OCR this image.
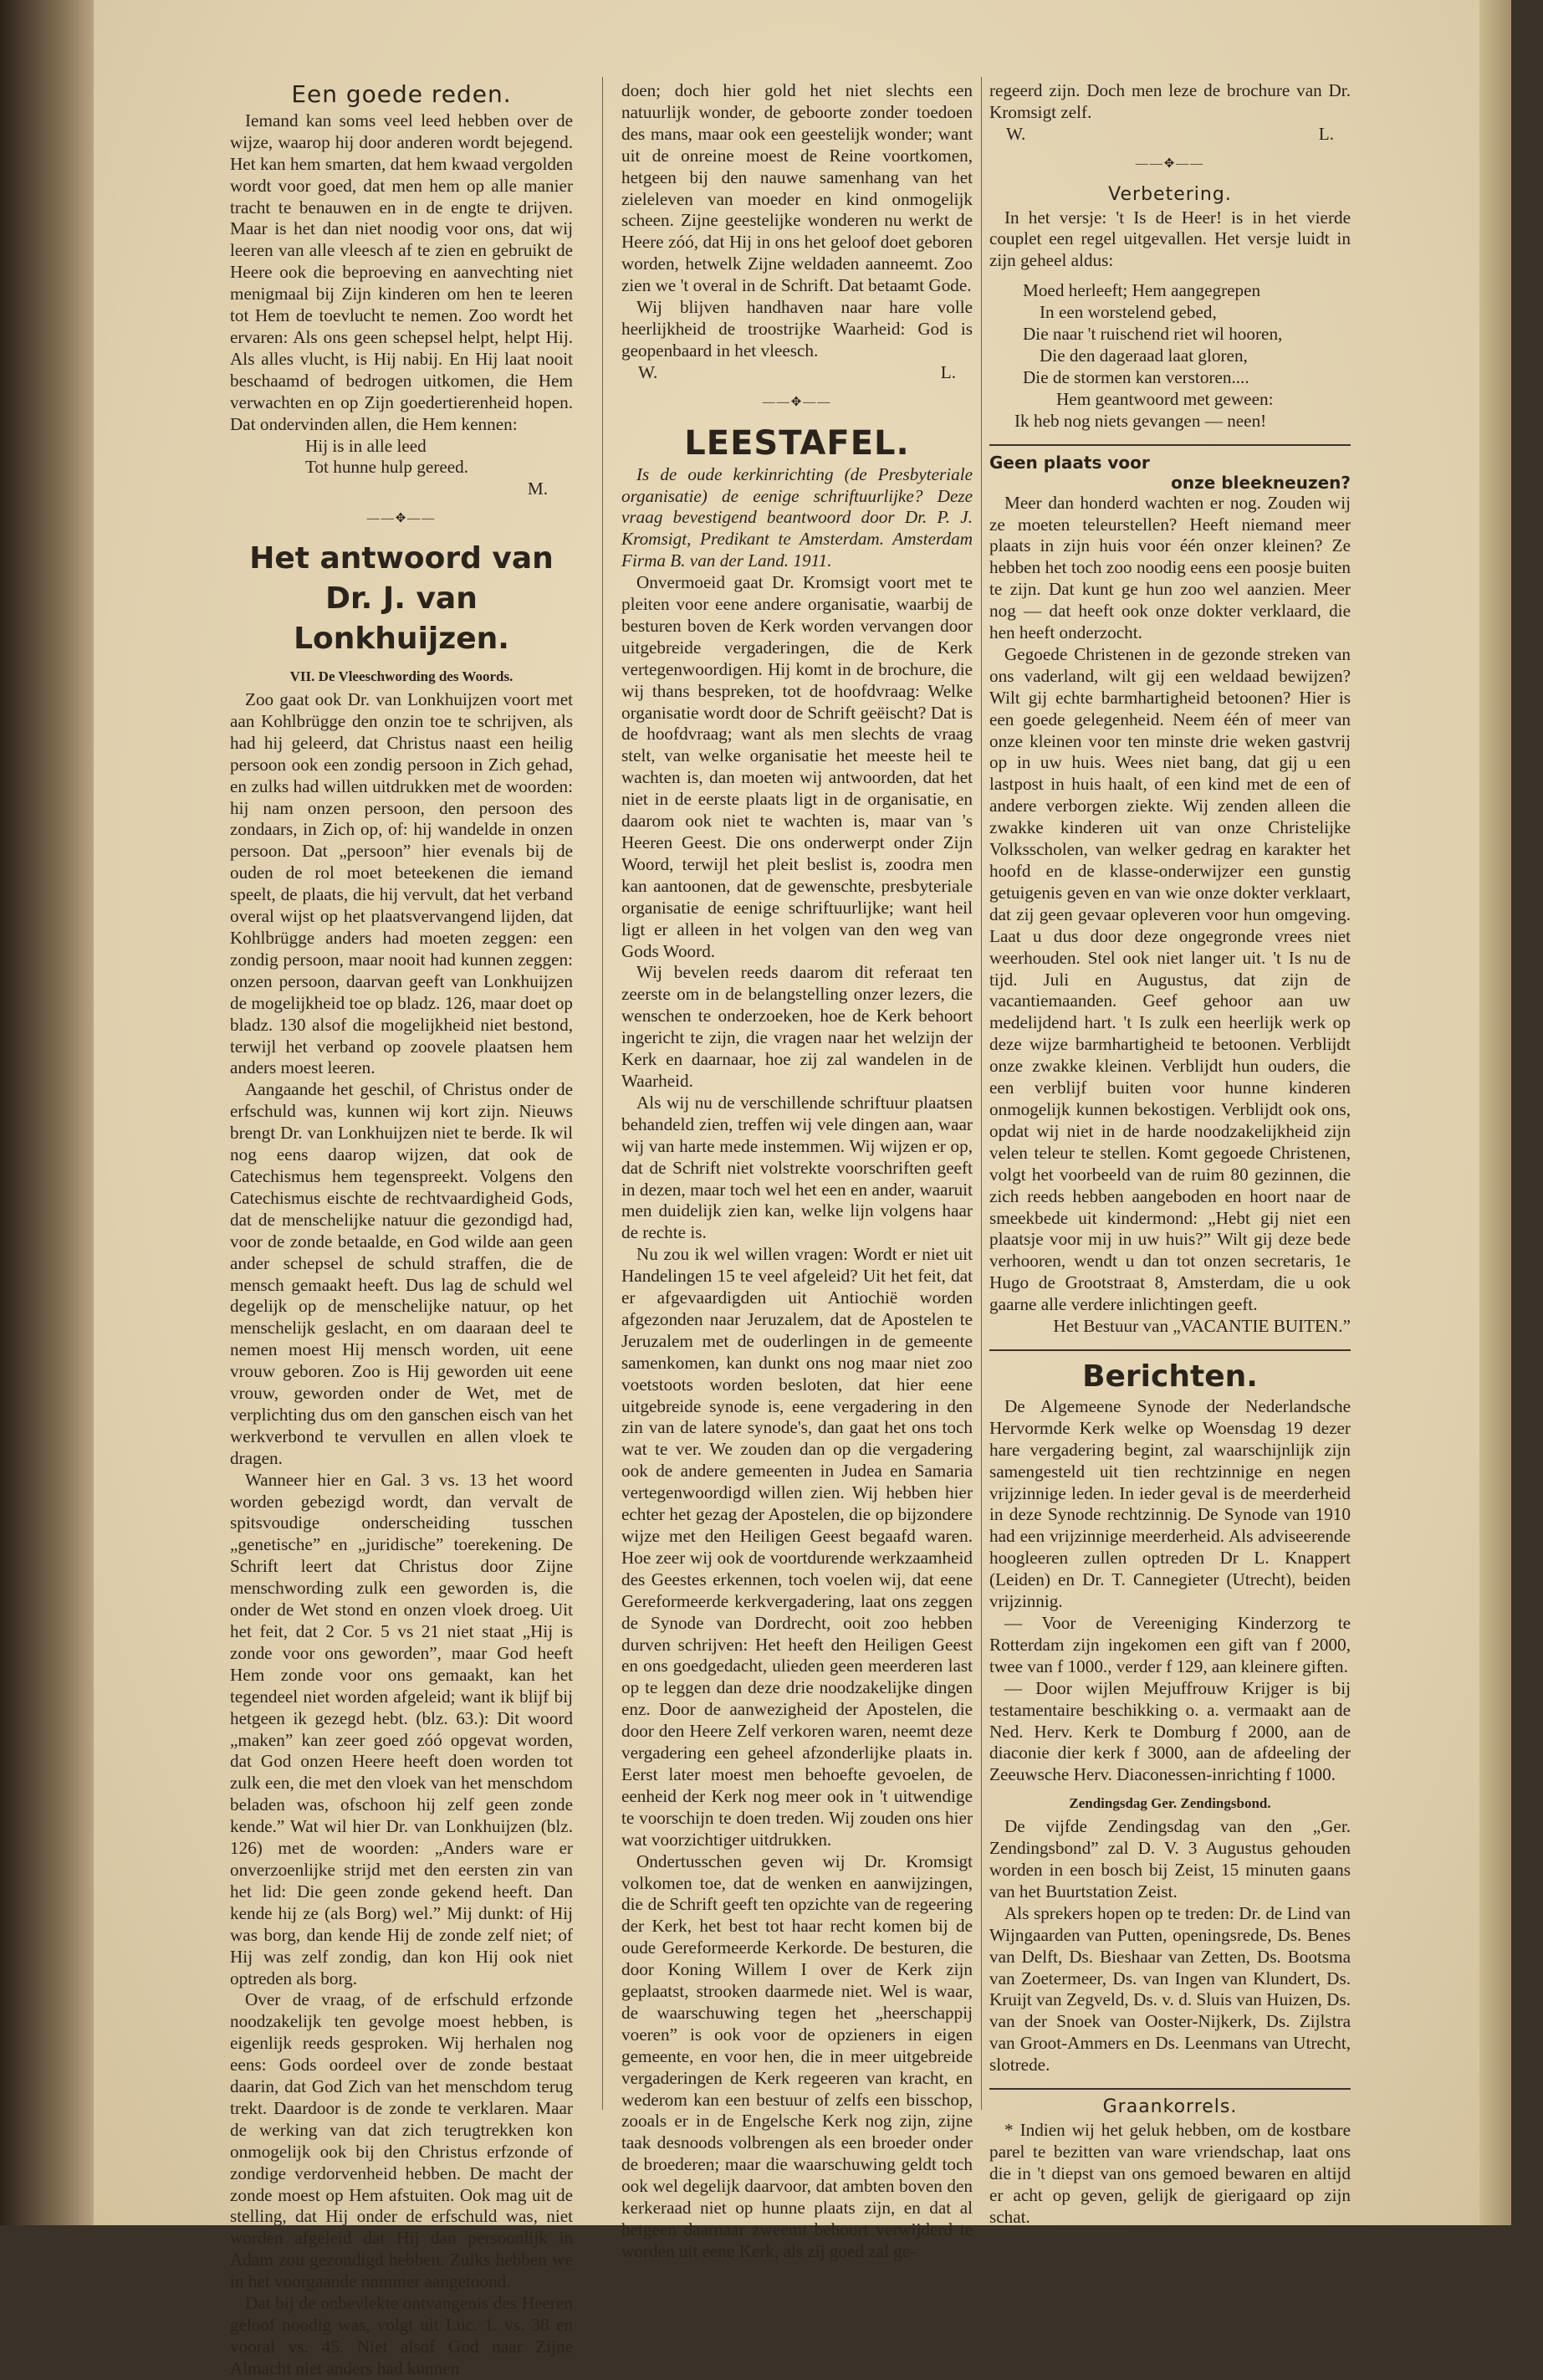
Een goede reden.

Iemand kan soms veel leed hebben over de wijze, waarop hij door anderen wordt bejegend. Het kan hem smarten, dat hem kwaad vergolden wordt voor goed, dat men hem op alle manier tracht te benauwen en in de engte te drijven. Maar is het dan niet noodig voor ons, dat wij leeren van alle vleesch af te zien en gebruikt de Heere ook die beproeving en aanvechting niet menigmaal bij Zijn kinderen om hen te leeren tot Hem de toevlucht te nemen. Zoo wordt het ervaren: Als ons geen schepsel helpt, helpt Hij. Als alles vlucht, is Hij nabij. En Hij laat nooit beschaamd of bedrogen uitkomen, die Hem verwachten en op Zijn goedertierenheid hopen. Dat ondervinden allen, die Hem kennen:

Hij is in alle leed

Tot hunne hulp gereed.

M.

——✥——
Het antwoord van Dr. J. van Lonkhuijzen.
VII. De Vleeschwording des Woords.

Zoo gaat ook Dr. van Lonkhuijzen voort met aan Kohlbrügge den onzin toe te schrijven, als had hij geleerd, dat Christus naast een heilig persoon ook een zondig persoon in Zich gehad, en zulks had willen uitdrukken met de woorden: hij nam onzen persoon, den persoon des zondaars, in Zich op, of: hij wandelde in onzen persoon. Dat „persoon” hier evenals bij de ouden de rol moet beteekenen die iemand speelt, de plaats, die hij vervult, dat het verband overal wijst op het plaatsvervangend lijden, dat Kohlbrügge anders had moeten zeggen: een zondig persoon, maar nooit had kunnen zeggen: onzen persoon, daarvan geeft van Lonkhuijzen de mogelijkheid toe op bladz. 126, maar doet op bladz. 130 alsof die mogelijkheid niet bestond, terwijl het verband op zoovele plaatsen hem anders moest leeren.

Aangaande het geschil, of Christus onder de erfschuld was, kunnen wij kort zijn. Nieuws brengt Dr. van Lonkhuijzen niet te berde. Ik wil nog eens daarop wijzen, dat ook de Catechismus hem tegenspreekt. Volgens den Catechismus eischte de rechtvaardigheid Gods, dat de menschelijke natuur die gezondigd had, voor de zonde betaalde, en God wilde aan geen ander schepsel de schuld straffen, die de mensch gemaakt heeft. Dus lag de schuld wel degelijk op de menschelijke natuur, op het menschelijk geslacht, en om daaraan deel te nemen moest Hij mensch worden, uit eene vrouw geboren. Zoo is Hij geworden uit eene vrouw, geworden onder de Wet, met de verplichting dus om den ganschen eisch van het werkverbond te vervullen en allen vloek te dragen.

Wanneer hier en Gal. 3 vs. 13 het woord worden gebezigd wordt, dan vervalt de spitsvoudige onderscheiding tusschen „genetische” en „juridische” toerekening. De Schrift leert dat Christus door Zijne menschwording zulk een geworden is, die onder de Wet stond en onzen vloek droeg. Uit het feit, dat 2 Cor. 5 vs 21 niet staat „Hij is zonde voor ons geworden”, maar God heeft Hem zonde voor ons gemaakt, kan het tegendeel niet worden afgeleid; want ik blijf bij hetgeen ik gezegd hebt. (blz. 63.): Dit woord „maken” kan zeer goed zóó opgevat worden, dat God onzen Heere heeft doen worden tot zulk een, die met den vloek van het menschdom beladen was, ofschoon hij zelf geen zonde kende.” Wat wil hier Dr. van Lonkhuijzen (blz. 126) met de woorden: „Anders ware er onverzoenlijke strijd met den eersten zin van het lid: Die geen zonde gekend heeft. Dan kende hij ze (als Borg) wel.” Mij dunkt: of Hij was borg, dan kende Hij de zonde zelf niet; of Hij was zelf zondig, dan kon Hij ook niet optreden als borg.

Over de vraag, of de erfschuld erfzonde noodzakelijk ten gevolge moest hebben, is eigenlijk reeds gesproken. Wij herhalen nog eens: Gods oordeel over de zonde bestaat daarin, dat God Zich van het menschdom terug trekt. Daardoor is de zonde te verklaren. Maar de werking van dat zich terugtrekken kon onmogelijk ook bij den Christus erfzonde of zondige verdorvenheid hebben. De macht der zonde moest op Hem afstuiten. Ook mag uit de stelling, dat Hij onder de erfschuld was, niet worden afgeleid dat Hij dan persoonlijk in Adam zou gezondigd hebben. Zulks hebben we in het voorgaande nnmmer aangetoond.

Dat bij de onbevlekte ontvangenis des Heeren geloof noodig was, volgt uit Luc. 1. vs. 38 en vooral vs. 45. Niet alsof God naar Zijne Almacht niet anders had kunnen

doen; doch hier gold het niet slechts een natuurlijk wonder, de geboorte zonder toedoen des mans, maar ook een geestelijk wonder; want uit de onreine moest de Reine voortkomen, hetgeen bij den nauwe samenhang van het zieleleven van moeder en kind onmogelijk scheen. Zijne geestelijke wonderen nu werkt de Heere zóó, dat Hij in ons het geloof doet geboren worden, hetwelk Zijne weldaden aanneemt. Zoo zien we 't overal in de Schrift. Dat betaamt Gode.

Wij blijven handhaven naar hare volle heerlijkheid de troostrijke Waarheid: God is geopenbaard in het vleesch.

W.	L.
——✥——
LEESTAFEL.

Is de oude kerkinrichting (de Presbyteriale organisatie) de eenige schriftuurlijke? Deze vraag bevestigend beantwoord door Dr. P. J. Kromsigt, Predikant te Amsterdam. Amsterdam Firma B. van der Land. 1911.

Onvermoeid gaat Dr. Kromsigt voort met te pleiten voor eene andere organisatie, waarbij de besturen boven de Kerk worden vervangen door uitgebreide vergaderingen, die de Kerk vertegenwoordigen. Hij komt in de brochure, die wij thans bespreken, tot de hoofdvraag: Welke organisatie wordt door de Schrift geëischt? Dat is de hoofdvraag; want als men slechts de vraag stelt, van welke organisatie het meeste heil te wachten is, dan moeten wij antwoorden, dat het niet in de eerste plaats ligt in de organisatie, en daarom ook niet te wachten is, maar van 's Heeren Geest. Die ons onderwerpt onder Zijn Woord, terwijl het pleit beslist is, zoodra men kan aantoonen, dat de gewenschte, presbyteriale organisatie de eenige schriftuurlijke; want heil ligt er alleen in het volgen van den weg van Gods Woord.

Wij bevelen reeds daarom dit referaat ten zeerste om in de belangstelling onzer lezers, die wenschen te onderzoeken, hoe de Kerk behoort ingericht te zijn, die vragen naar het welzijn der Kerk en daarnaar, hoe zij zal wandelen in de Waarheid.

Als wij nu de verschillende schriftuur plaatsen behandeld zien, treffen wij vele dingen aan, waar wij van harte mede instemmen. Wij wijzen er op, dat de Schrift niet volstrekte voorschriften geeft in dezen, maar toch wel het een en ander, waaruit men duidelijk zien kan, welke lijn volgens haar de rechte is.

Nu zou ik wel willen vragen: Wordt er niet uit Handelingen 15 te veel afgeleid? Uit het feit, dat er afgevaardigden uit Antiochië worden afgezonden naar Jeruzalem, dat de Apostelen te Jeruzalem met de ouderlingen in de gemeente samenkomen, kan dunkt ons nog maar niet zoo voetstoots worden besloten, dat hier eene uitgebreide synode is, eene vergadering in den zin van de latere synode's, dan gaat het ons toch wat te ver. We zouden dan op die vergadering ook de andere gemeenten in Judea en Samaria vertegenwoordigd willen zien. Wij hebben hier echter het gezag der Apostelen, die op bijzondere wijze met den Heiligen Geest begaafd waren. Hoe zeer wij ook de voortdurende werkzaamheid des Geestes erkennen, toch voelen wij, dat eene Gereformeerde kerkvergadering, laat ons zeggen de Synode van Dordrecht, ooit zoo hebben durven schrijven: Het heeft den Heiligen Geest en ons goedgedacht, ulieden geen meerderen last op te leggen dan deze drie noodzakelijke dingen enz. Door de aanwezigheid der Apostelen, die door den Heere Zelf verkoren waren, neemt deze vergadering een geheel afzonderlijke plaats in. Eerst later moest men behoefte gevoelen, de eenheid der Kerk nog meer ook in 't uitwendige te voorschijn te doen treden. Wij zouden ons hier wat voorzichtiger uitdrukken.

Ondertusschen geven wij Dr. Kromsigt volkomen toe, dat de wenken en aanwijzingen, die de Schrift geeft ten opzichte van de regeering der Kerk, het best tot haar recht komen bij de oude Gereformeerde Kerkorde. De besturen, die door Koning Willem I over de Kerk zijn geplaatst, strooken daarmede niet. Wel is waar, de waarschuwing tegen het „heerschappij voeren” is ook voor de opzieners in eigen gemeente, en voor hen, die in meer uitgebreide vergaderingen de Kerk regeeren van kracht, en wederom kan een bestuur of zelfs een bisschop, zooals er in de Engelsche Kerk nog zijn, zijne taak desnoods volbrengen als een broeder onder de broederen; maar die waarschuwing geldt toch ook wel degelijk daarvoor, dat ambten boven den kerkeraad niet op hunne plaats zijn, en dat al hetgeen daarnaar zweemt behoort verwijderd te worden uit eene Kerk, als zij goed zal ge-

regeerd zijn. Doch men leze de brochure van Dr. Kromsigt zelf.

W.	L.
——✥——
Verbetering.

In het versje: 't Is de Heer! is in het vierde couplet een regel uitgevallen. Het versje luidt in zijn geheel aldus:

Moed herleeft; Hem aangegrepen

In een worstelend gebed,

Die naar 't ruischend riet wil hooren,

Die den dageraad laat gloren,

Die de stormen kan verstoren....

Hem geantwoord met geween:

Ik heb nog niets gevangen — neen!

Geen plaats voor
onze bleekneuzen?

Meer dan honderd wachten er nog. Zouden wij ze moeten teleurstellen? Heeft niemand meer plaats in zijn huis voor één onzer kleinen? Ze hebben het toch zoo noodig eens een poosje buiten te zijn. Dat kunt ge hun zoo wel aanzien. Meer nog — dat heeft ook onze dokter verklaard, die hen heeft onderzocht.

Gegoede Christenen in de gezonde streken van ons vaderland, wilt gij een weldaad bewijzen? Wilt gij echte barmhartigheid betoonen? Hier is een goede gelegenheid. Neem één of meer van onze kleinen voor ten minste drie weken gastvrij op in uw huis. Wees niet bang, dat gij u een lastpost in huis haalt, of een kind met de een of andere verborgen ziekte. Wij zenden alleen die zwakke kinderen uit van onze Christelijke Volksscholen, van welker gedrag en karakter het hoofd en de klasse-onderwijzer een gunstig getuigenis geven en van wie onze dokter verklaart, dat zij geen gevaar opleveren voor hun omgeving. Laat u dus door deze ongegronde vrees niet weerhouden. Stel ook niet langer uit. 't Is nu de tijd. Juli en Augustus, dat zijn de vacantiemaanden. Geef gehoor aan uw medelijdend hart. 't Is zulk een heerlijk werk op deze wijze barmhartigheid te betoonen. Verblijdt onze zwakke kleinen. Verblijdt hun ouders, die een verblijf buiten voor hunne kinderen onmogelijk kunnen bekostigen. Verblijdt ook ons, opdat wij niet in de harde noodzakelijkheid zijn velen teleur te stellen. Komt gegoede Christenen, volgt het voorbeeld van de ruim 80 gezinnen, die zich reeds hebben aangeboden en hoort naar de smeekbede uit kindermond: „Hebt gij niet een plaatsje voor mij in uw huis?” Wilt gij deze bede verhooren, wendt u dan tot onzen secretaris, 1e Hugo de Grootstraat 8, Amsterdam, die u ook gaarne alle verdere inlichtingen geeft.

Het Bestuur van „VACANTIE BUITEN.”

Berichten.

De Algemeene Synode der Nederlandsche Hervormde Kerk welke op Woensdag 19 dezer hare vergadering begint, zal waarschijnlijk zijn samengesteld uit tien rechtzinnige en negen vrijzinnige leden. In ieder geval is de meerderheid in deze Synode rechtzinnig. De Synode van 1910 had een vrijzinnige meerderheid. Als adviseerende hoogleeren zullen optreden Dr L. Knappert (Leiden) en Dr. T. Cannegieter (Utrecht), beiden vrijzinnig.

— Voor de Vereeniging Kinderzorg te Rotterdam zijn ingekomen een gift van f 2000, twee van f 1000., verder f 129, aan kleinere giften.

— Door wijlen Mejuffrouw Krijger is bij testamentaire beschikking o. a. vermaakt aan de Ned. Herv. Kerk te Domburg f 2000, aan de diaconie dier kerk f 3000, aan de afdeeling der Zeeuwsche Herv. Diaconessen-inrichting f 1000.

Zendingsdag Ger. Zendingsbond.

De vijfde Zendingsdag van den „Ger. Zendingsbond” zal D. V. 3 Augustus gehouden worden in een bosch bij Zeist, 15 minuten gaans van het Buurtstation Zeist.

Als sprekers hopen op te treden: Dr. de Lind van Wijngaarden van Putten, openingsrede, Ds. Benes van Delft, Ds. Bieshaar van Zetten, Ds. Bootsma van Zoetermeer, Ds. van Ingen van Klundert, Ds. Kruijt van Zegveld, Ds. v. d. Sluis van Huizen, Ds. van der Snoek van Ooster-Nijkerk, Ds. Zijlstra van Groot-Ammers en Ds. Leenmans van Utrecht, slotrede.

Graankorrels.

* Indien wij het geluk hebben, om de kostbare parel te bezitten van ware vriendschap, laat ons die in 't diepst van ons gemoed bewaren en altijd er acht op geven, gelijk de gierigaard op zijn schat.
